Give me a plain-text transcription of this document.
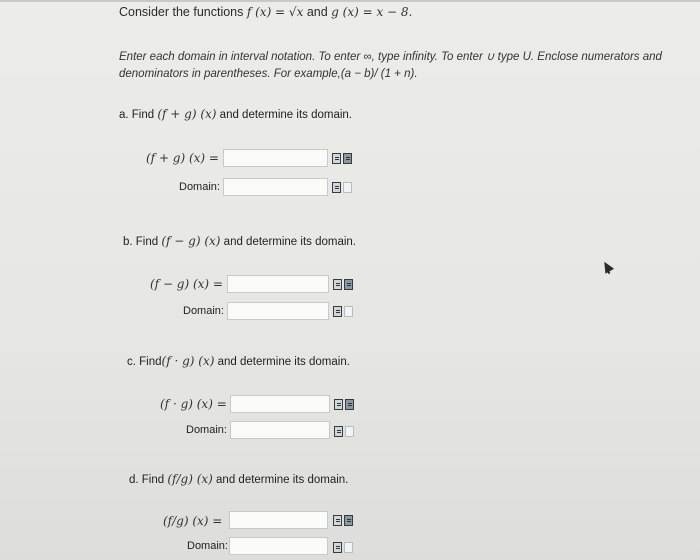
Consider the functions f (x) = √x and g (x) = x − 8.
Enter each domain in interval notation. To enter ∞, type infinity. To enter ∪ type U. Enclose numerators and
denominators in parentheses. For example,(a − b)/ (1 + n).
a. Find (f + g) (x) and determine its domain.
(f + g) (x) =
Domain:
b. Find (f − g) (x) and determine its domain.
(f − g) (x) =
Domain:
c. Find(f · g) (x) and determine its domain.
(f · g) (x) =
Domain:
d. Find (f/g) (x) and determine its domain.
(f/g) (x) =
Domain:
